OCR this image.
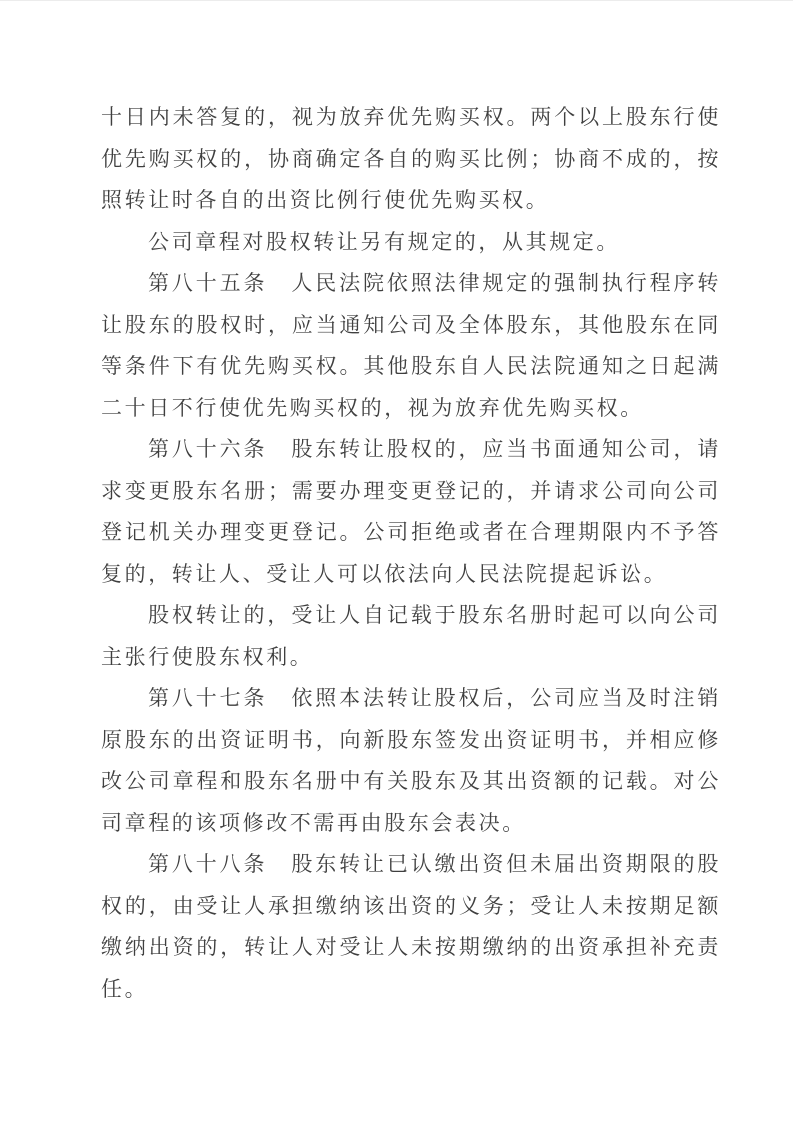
十日内未答复的，视为放弃优先购买权。两个以上股东行使优先购买权的，协商确定各自的购买比例；协商不成的，按照转让时各自的出资比例行使优先购买权。

公司章程对股权转让另有规定的，从其规定。

第八十五条　人民法院依照法律规定的强制执行程序转让股东的股权时，应当通知公司及全体股东，其他股东在同等条件下有优先购买权。其他股东自人民法院通知之日起满二十日不行使优先购买权的，视为放弃优先购买权。

第八十六条　股东转让股权的，应当书面通知公司，请求变更股东名册；需要办理变更登记的，并请求公司向公司登记机关办理变更登记。公司拒绝或者在合理期限内不予答复的，转让人、受让人可以依法向人民法院提起诉讼。

股权转让的，受让人自记载于股东名册时起可以向公司主张行使股东权利。

第八十七条　依照本法转让股权后，公司应当及时注销原股东的出资证明书，向新股东签发出资证明书，并相应修改公司章程和股东名册中有关股东及其出资额的记载。对公司章程的该项修改不需再由股东会表决。

第八十八条　股东转让已认缴出资但未届出资期限的股权的，由受让人承担缴纳该出资的义务；受让人未按期足额缴纳出资的，转让人对受让人未按期缴纳的出资承担补充责任。
